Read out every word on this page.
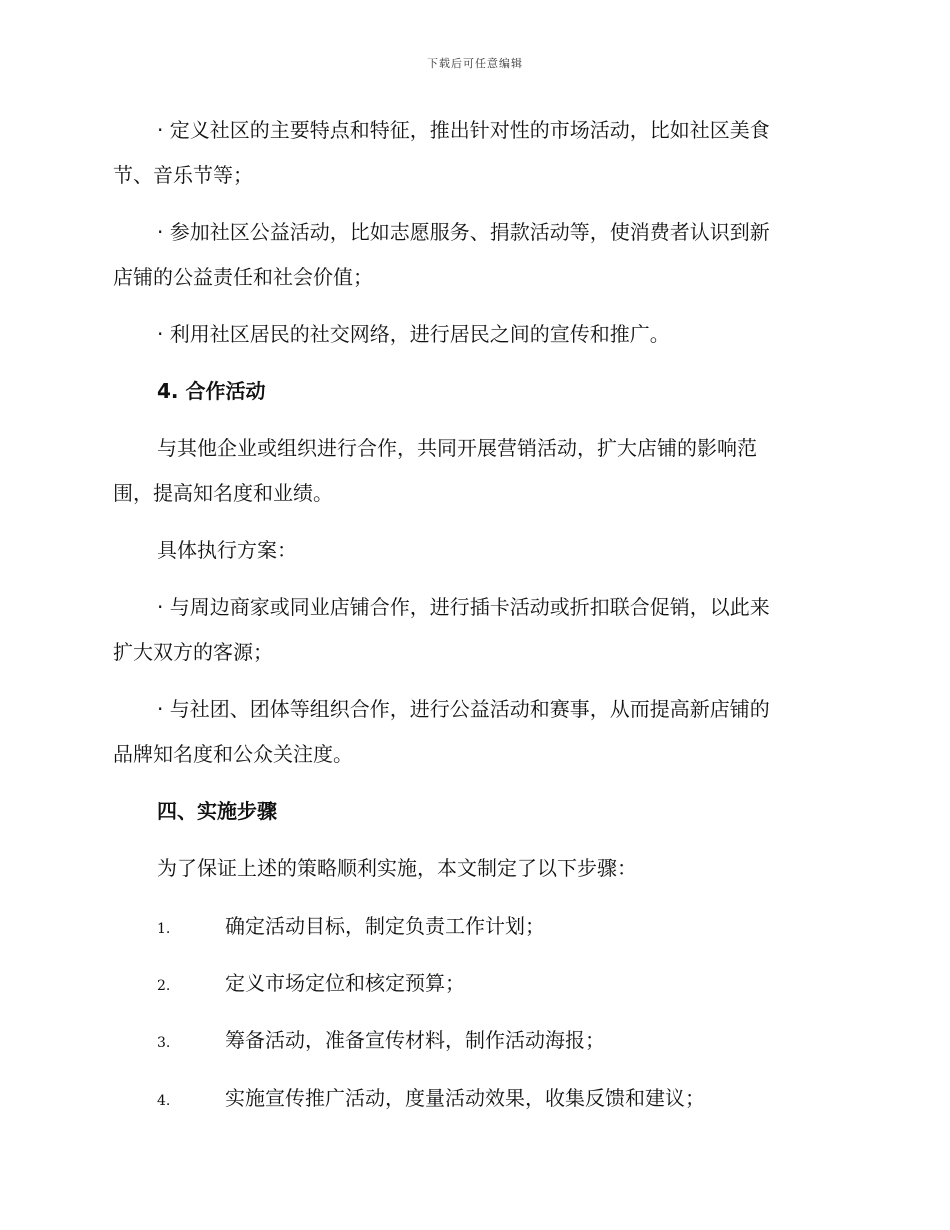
下载后可任意编辑
· 定义社区的主要特点和特征，推出针对性的市场活动，比如社区美食
节、音乐节等；
· 参加社区公益活动，比如志愿服务、捐款活动等，使消费者认识到新
店铺的公益责任和社会价值；
· 利用社区居民的社交网络，进行居民之间的宣传和推广。
4. 合作活动
与其他企业或组织进行合作，共同开展营销活动，扩大店铺的影响范
围，提高知名度和业绩。
具体执行方案：
· 与周边商家或同业店铺合作，进行插卡活动或折扣联合促销，以此来
扩大双方的客源；
· 与社团、团体等组织合作，进行公益活动和赛事，从而提高新店铺的
品牌知名度和公众关注度。
四、实施步骤
为了保证上述的策略顺利实施，本文制定了以下步骤：
1.	确定活动目标，制定负责工作计划；
2.	定义市场定位和核定预算；
3.	筹备活动，准备宣传材料，制作活动海报；
4.	实施宣传推广活动，度量活动效果，收集反馈和建议；
